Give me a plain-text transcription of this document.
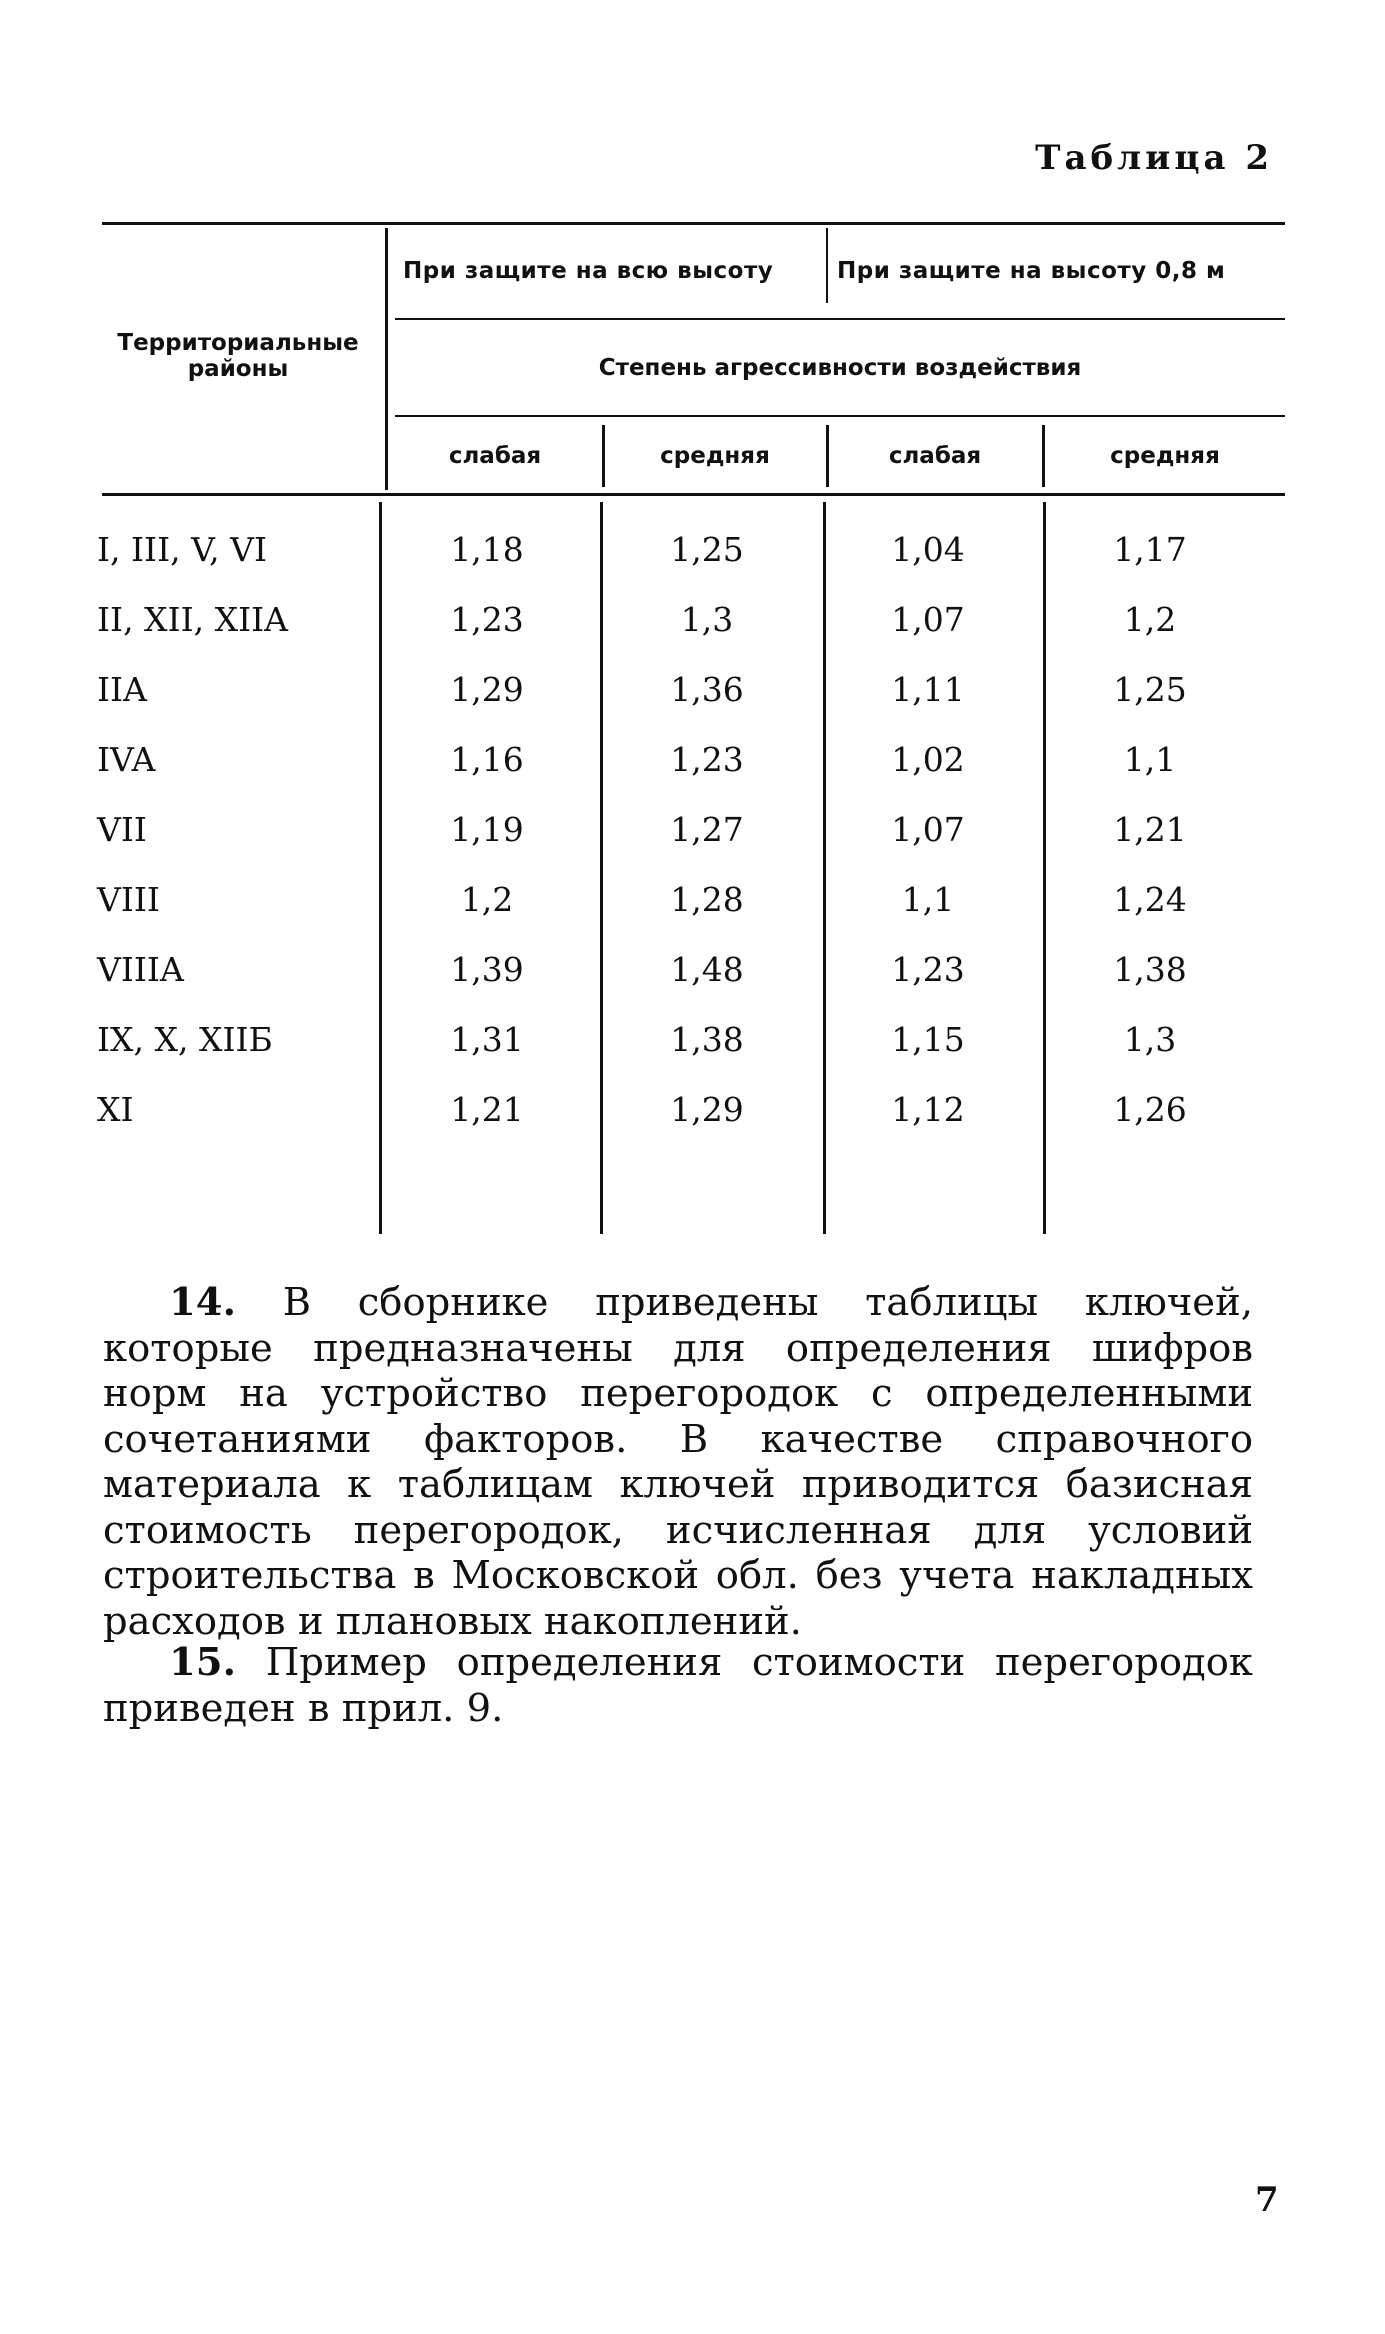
Таблица 2
Территориальные районы
При защите на всю высоту	При защите на высоту 0,8 м
Степень агрессивности воздействия
слабая	средняя	слабая	средняя
I, III, V, VI	1,18	1,25	1,04	1,17
II, XII, XIIA	1,23	1,3	1,07	1,2
IIA	1,29	1,36	1,11	1,25
IVA	1,16	1,23	1,02	1,1
VII	1,19	1,27	1,07	1,21
VIII	1,2	1,28	1,1	1,24
VIIIA	1,39	1,48	1,23	1,38
IX, X, XIIБ	1,31	1,38	1,15	1,3
XI	1,21	1,29	1,12	1,26
14. В сборнике приведены таблицы ключей, которые предназначены для определения шифров норм на устройство перегородок с определенными сочетаниями факторов. В качестве справочного материала к таблицам ключей приводится базисная стоимость перегородок, исчисленная для условий строительства в Московской обл. без учета накладных расходов и плановых накоплений.
15. Пример определения стоимости перегородок приведен в прил. 9.
7
